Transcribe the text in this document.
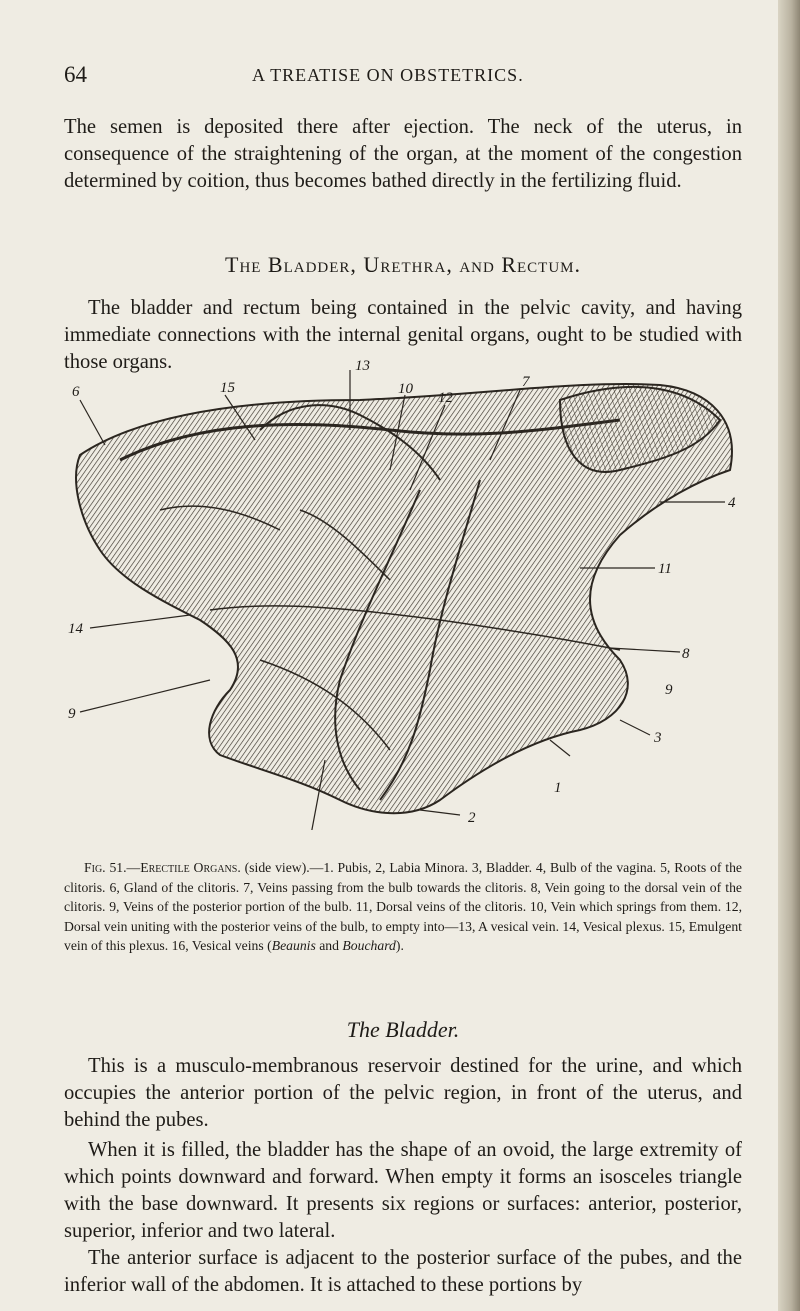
64	A TREATISE ON OBSTETRICS.

The semen is deposited there after ejection. The neck of the uterus, in consequence of the straightening of the organ, at the moment of the congestion determined by coition, thus becomes bathed directly in the fertilizing fluid.

The Bladder, Urethra, and Rectum.

The bladder and rectum being contained in the pelvic cavity, and having immediate connections with the internal genital organs, ought to be studied with those organs.

6	15
13
10
12
7
4
11
14
8
9
9
3
1
2

Fig. 51.—Erectile Organs. (side view).—1. Pubis, 2, Labia Minora. 3, Bladder. 4, Bulb of the vagina. 5, Roots of the clitoris. 6, Gland of the clitoris. 7, Veins passing from the bulb towards the clitoris. 8, Vein going to the dorsal vein of the clitoris. 9, Veins of the posterior portion of the bulb. 11, Dorsal veins of the clitoris. 10, Vein which springs from them. 12, Dorsal vein uniting with the posterior veins of the bulb, to empty into—13, A vesical vein. 14, Vesical plexus. 15, Emulgent vein of this plexus. 16, Vesical veins (Beaunis and Bouchard).

The Bladder.

This is a musculo-membranous reservoir destined for the urine, and which occupies the anterior portion of the pelvic region, in front of the uterus, and behind the pubes.

When it is filled, the bladder has the shape of an ovoid, the large extremity of which points downward and forward. When empty it forms an isosceles triangle with the base downward. It presents six regions or surfaces: anterior, posterior, superior, inferior and two lateral.

The anterior surface is adjacent to the posterior surface of the pubes, and the inferior wall of the abdomen. It is attached to these portions by
